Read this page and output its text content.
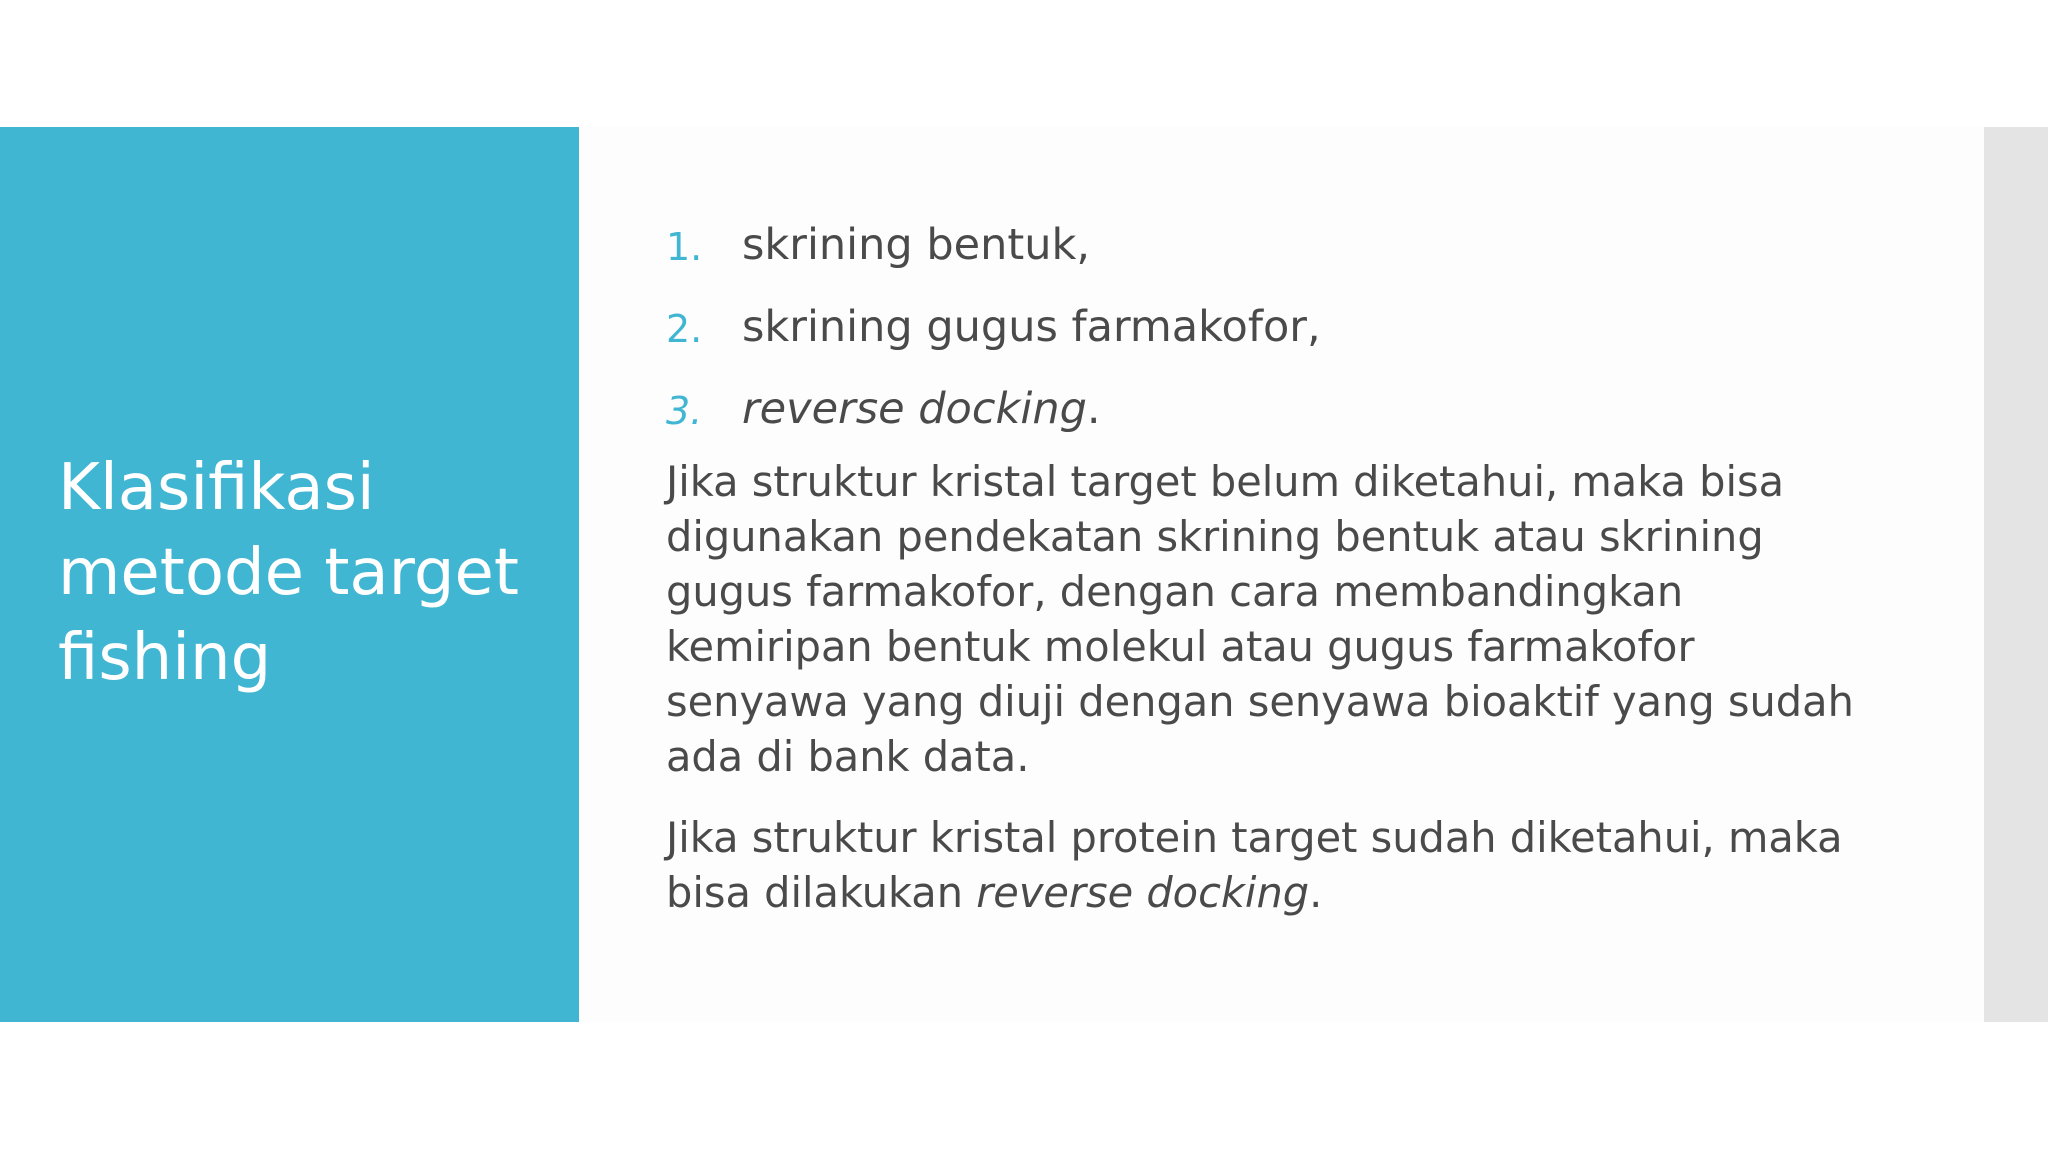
Klasifikasi
metode target
fishing
1. skrining bentuk,
2. skrining gugus farmakofor,
3. reverse docking.

Jika struktur kristal target belum diketahui, maka bisa
digunakan pendekatan skrining bentuk atau skrining
gugus farmakofor, dengan cara membandingkan
kemiripan bentuk molekul atau gugus farmakofor
senyawa yang diuji dengan senyawa bioaktif yang sudah
ada di bank data.

Jika struktur kristal protein target sudah diketahui, maka
bisa dilakukan reverse docking.
